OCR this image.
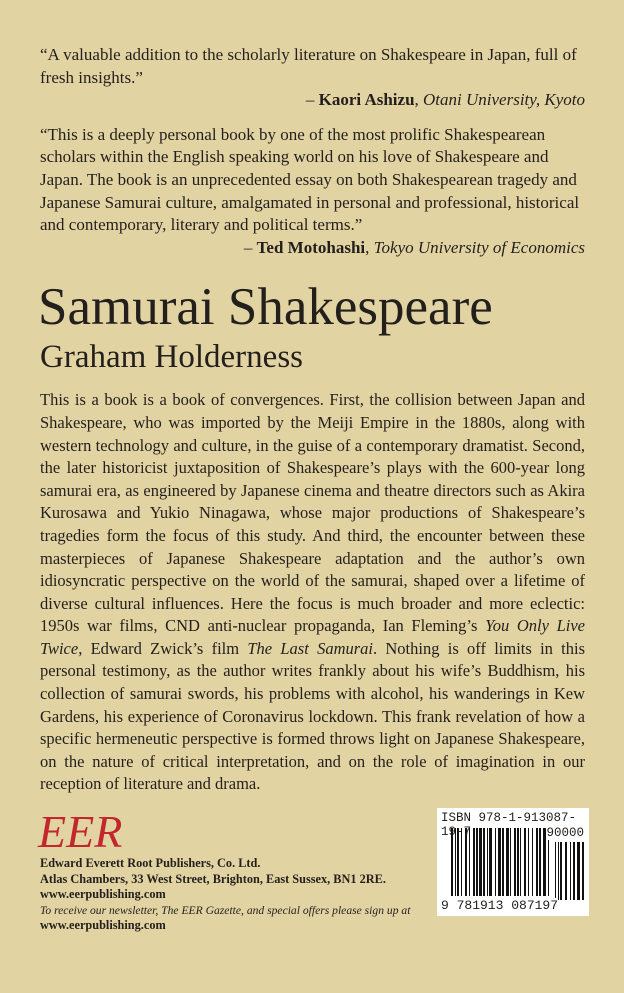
“A valuable addition to the scholarly literature on Shakespeare in Japan, full of fresh insights.”
– Kaori Ashizu, Otani University, Kyoto
“This is a deeply personal book by one of the most prolific Shakespearean scholars within the English speaking world on his love of Shakespeare and Japan. The book is an unprecedented essay on both Shakespearean tragedy and Japanese Samurai culture, amalgamated in personal and professional, historical and contemporary, literary and political terms.”
– Ted Motohashi, Tokyo University of Economics
Samurai Shakespeare
Graham Holderness
This is a book is a book of convergences. First, the collision between Japan and Shakespeare, who was imported by the Meiji Empire in the 1880s, along with western technology and culture, in the guise of a contemporary dramatist. Second, the later historicist juxtaposition of Shakespeare’s plays with the 600-year long samurai era, as engineered by Japanese cinema and theatre directors such as Akira Kurosawa and Yukio Ninagawa, whose major productions of Shakespeare’s tragedies form the focus of this study. And third, the encounter between these masterpieces of Japanese Shakespeare adaptation and the author’s own idiosyncratic perspective on the world of the samurai, shaped over a lifetime of diverse cultural influences. Here the focus is much broader and more eclectic: 1950s war films, CND anti-nuclear propaganda, Ian Fleming’s You Only Live Twice, Edward Zwick’s film The Last Samurai. Nothing is off limits in this personal testimony, as the author writes frankly about his wife’s Buddhism, his collection of samurai swords, his problems with alcohol, his wanderings in Kew Gardens, his experience of Coronavirus lockdown. This frank revelation of how a specific hermeneutic perspective is formed throws light on Japanese Shakespeare, on the nature of critical interpretation, and on the role of imagination in our reception of literature and drama.
EER
Edward Everett Root Publishers, Co. Ltd.
Atlas Chambers, 33 West Street, Brighton, East Sussex, BN1 2RE.
www.eerpublishing.com
To receive our newsletter, The EER Gazette, and special offers please sign up at
www.eerpublishing.com
ISBN 978-1-913087-19-7	90000
9 781913 087197
